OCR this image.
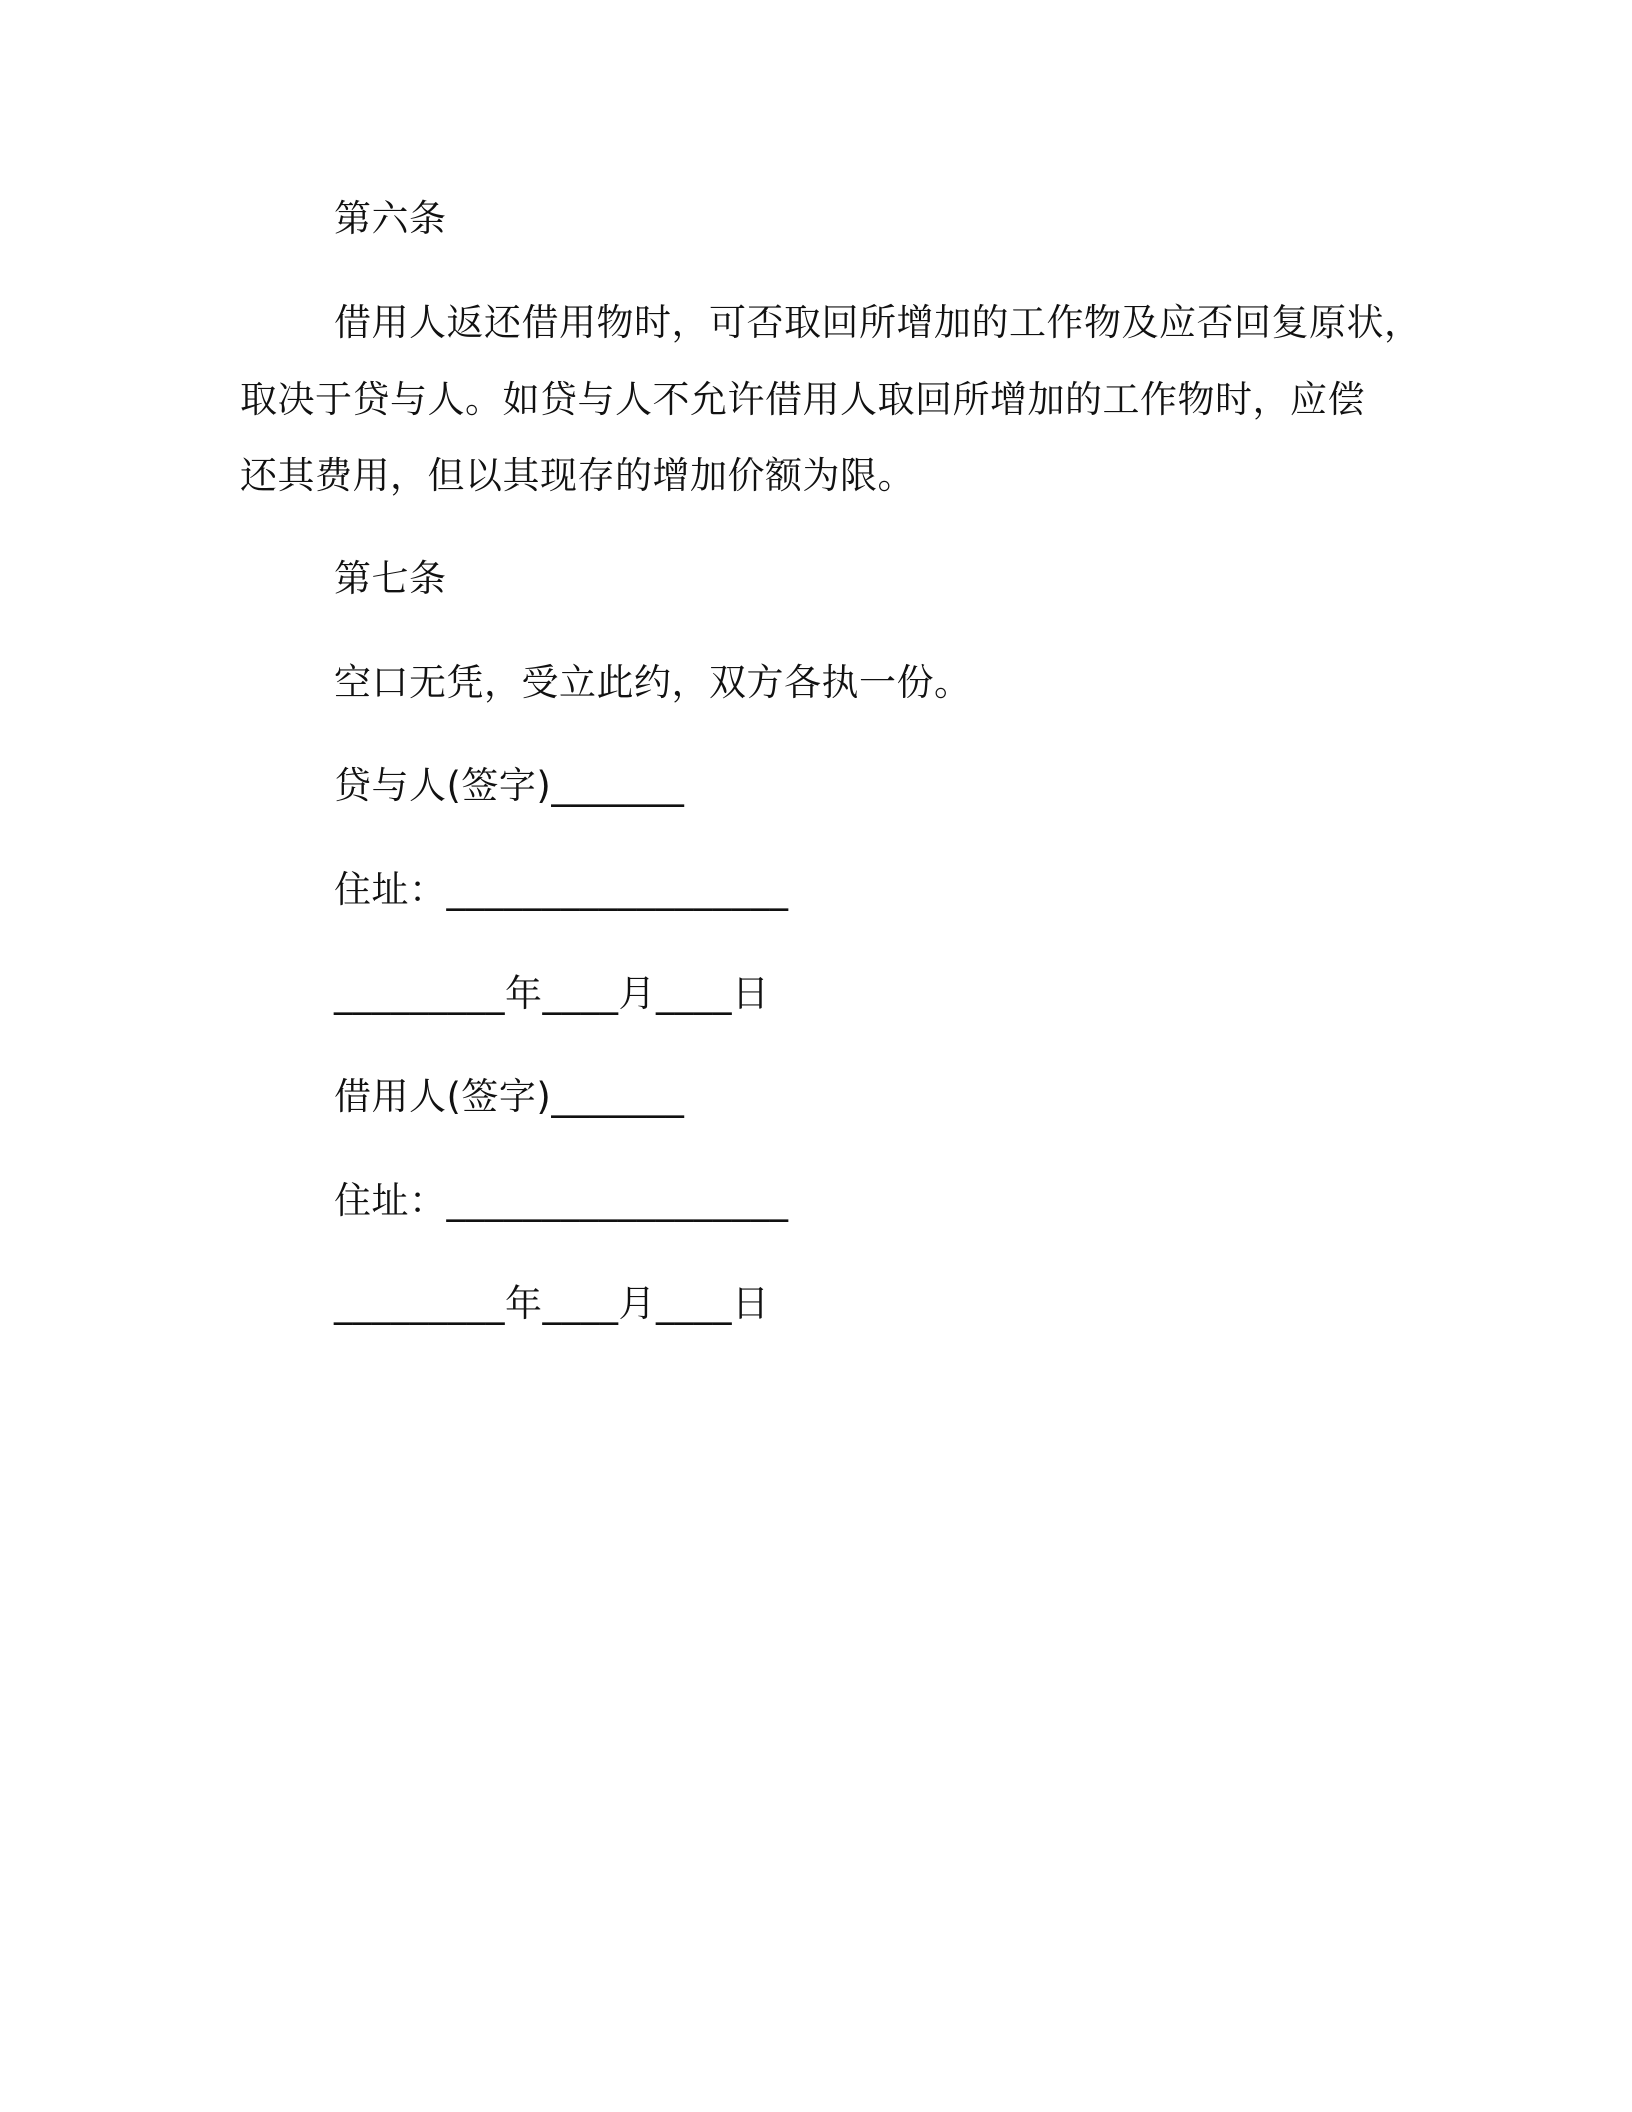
第六条
借用人返还借用物时，可否取回所增加的工作物及应否回复原状，
取决于贷与人。如贷与人不允许借用人取回所增加的工作物时，应偿
还其费用，但以其现存的增加价额为限。
第七条
空口无凭，受立此约，双方各执一份。
贷与人(签字)_______
住址：__________________
_________年____月____日
借用人(签字)_______
住址：__________________
_________年____月____日
